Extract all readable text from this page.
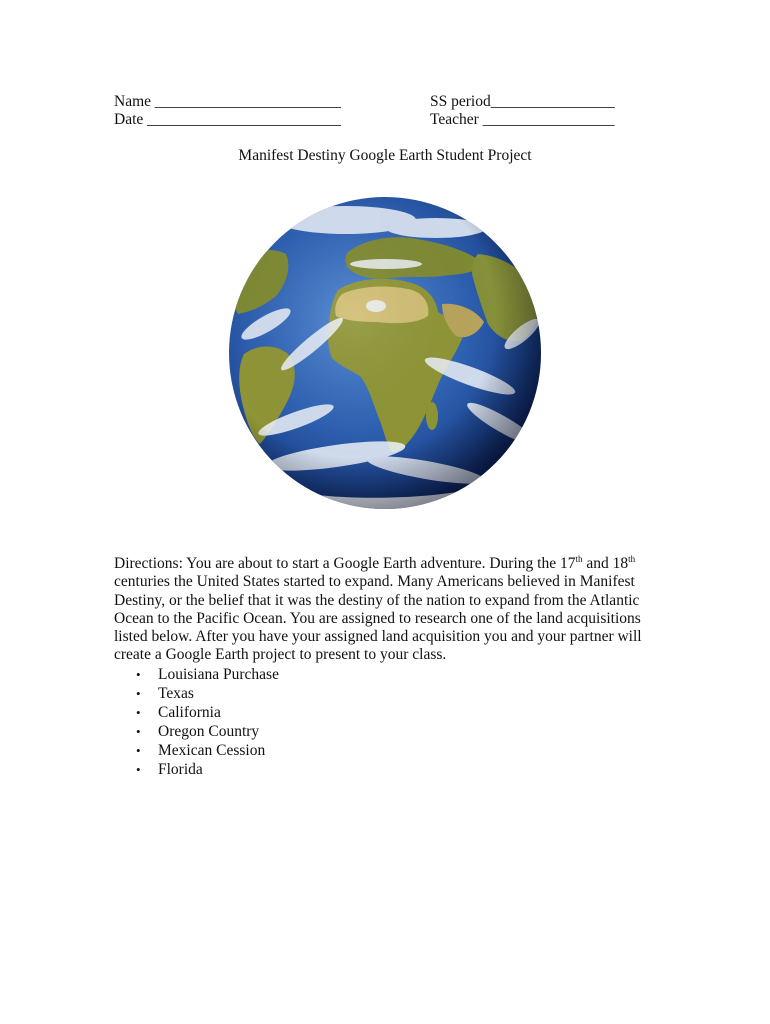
Name ________________________
Date _________________________
SS period________________
Teacher _________________
Manifest Destiny Google Earth Student Project

Directions: You are about to start a Google Earth adventure. During the 17th and 18th centuries the United States started to expand. Many Americans believed in Manifest Destiny, or the belief that it was the destiny of the nation to expand from the Atlantic Ocean to the Pacific Ocean. You are assigned to research one of the land acquisitions listed below. After you have your assigned land acquisition you and your partner will create a Google Earth project to present to your class.

• Louisiana Purchase
• Texas
• California
• Oregon Country
• Mexican Cession
• Florida
